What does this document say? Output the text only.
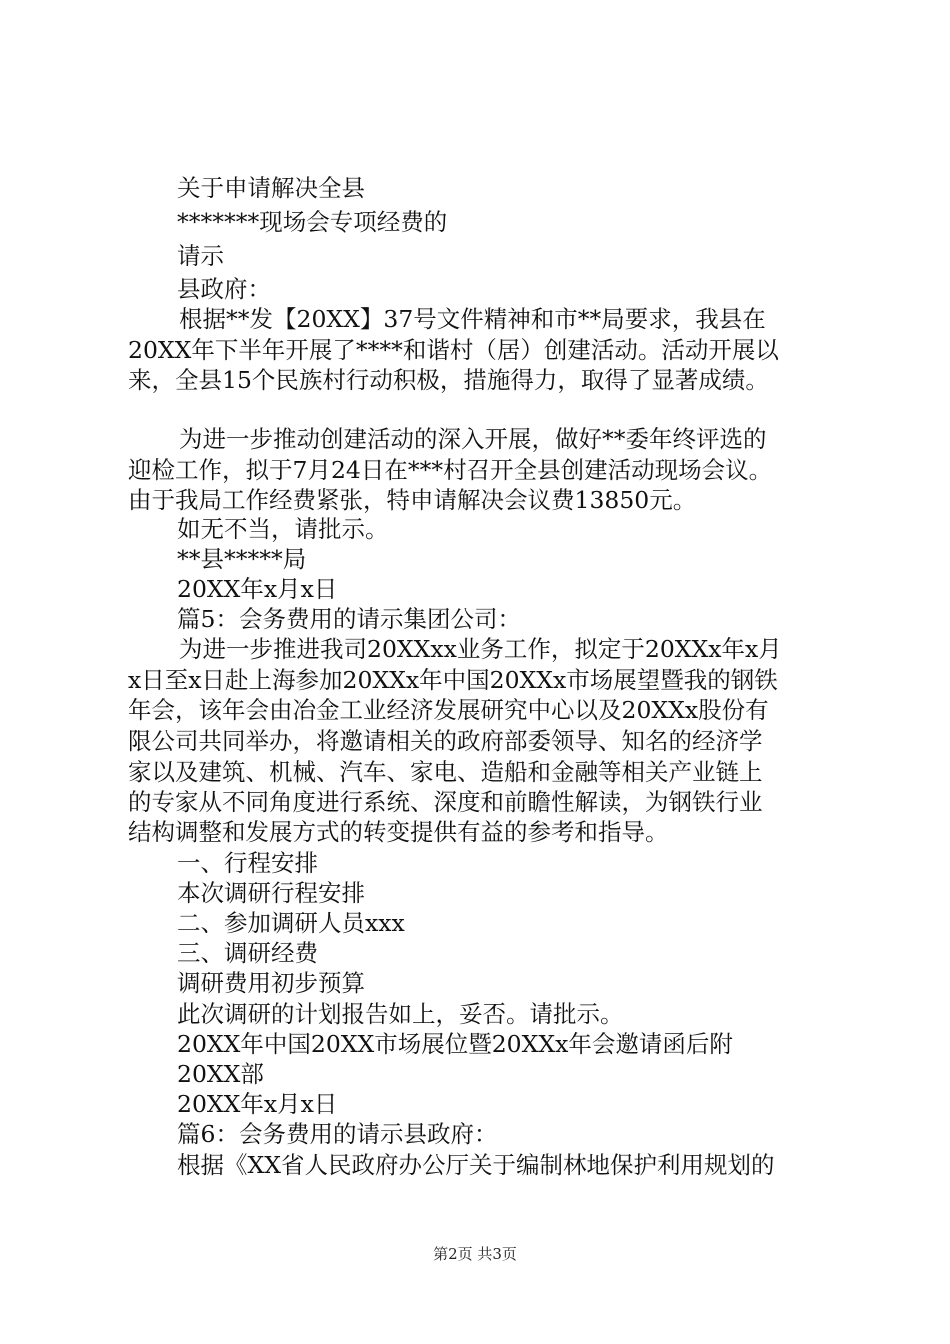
关于申请解决全县

*******现场会专项经费的

请示

县政府：

根据**发【20XX】37号文件精神和市**局要求，我县在

20XX年下半年开展了****和谐村（居）创建活动。活动开展以

来，全县15个民族村行动积极，措施得力，取得了显著成绩。

为进一步推动创建活动的深入开展，做好**委年终评选的

迎检工作，拟于7月24日在***村召开全县创建活动现场会议。

由于我局工作经费紧张，特申请解决会议费13850元。

如无不当，请批示。

**县*****局

20XX年x月x日

篇5：会务费用的请示集团公司：

为进一步推进我司20XXxx业务工作，拟定于20XXx年x月

x日至x日赴上海参加20XXx年中国20XXx市场展望暨我的钢铁

年会，该年会由冶金工业经济发展研究中心以及20XXx股份有

限公司共同举办，将邀请相关的政府部委领导、知名的经济学

家以及建筑、机械、汽车、家电、造船和金融等相关产业链上

的专家从不同角度进行系统、深度和前瞻性解读，为钢铁行业

结构调整和发展方式的转变提供有益的参考和指导。

一、行程安排

本次调研行程安排

二、参加调研人员xxx

三、调研经费

调研费用初步预算

此次调研的计划报告如上，妥否。请批示。

20XX年中国20XX市场展位暨20XXx年会邀请函后附

20XX部

20XX年x月x日

篇6：会务费用的请示县政府：

根据《XX省人民政府办公厅关于编制林地保护利用规划的

第2页 共3页
